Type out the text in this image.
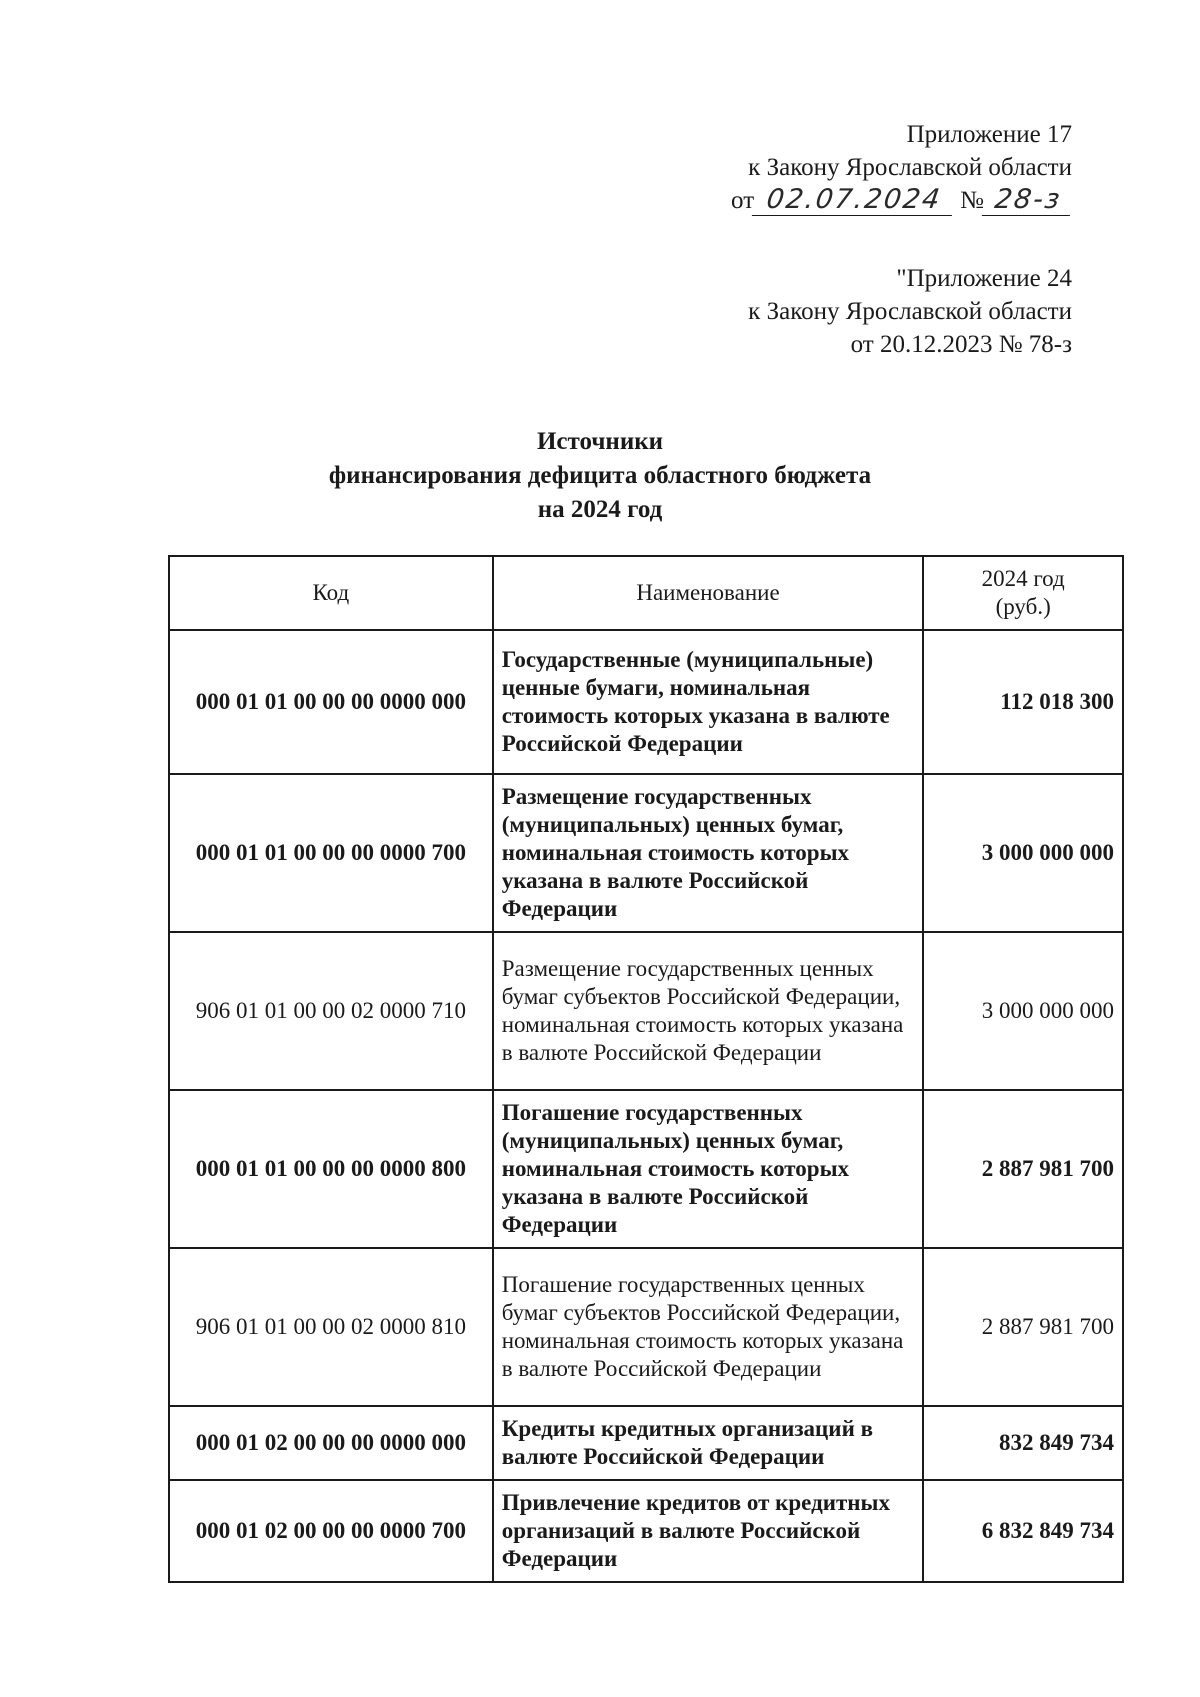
Приложение 17
к Закону Ярославской области
от 02.07.2024 № 28-з
"Приложение 24
к Закону Ярославской области
от 20.12.2023 № 78-з
Источники
финансирования дефицита областного бюджета
на 2024 год
Код	Наименование	2024 год
(руб.)

000 01 01 00 00 00 0000 000	Государственные (муниципальные) ценные бумаги, номинальная стоимость которых указана в валюте Российской Федерации	112 018 300
000 01 01 00 00 00 0000 700	Размещение государственных (муниципальных) ценных бумаг, номинальная стоимость которых указана в валюте Российской Федерации	3 000 000 000
906 01 01 00 00 02 0000 710	Размещение государственных ценных бумаг субъектов Российской Федерации, номинальная стоимость которых указана в валюте Российской Федерации	3 000 000 000
000 01 01 00 00 00 0000 800	Погашение государственных (муниципальных) ценных бумаг, номинальная стоимость которых указана в валюте Российской Федерации	2 887 981 700
906 01 01 00 00 02 0000 810	Погашение государственных ценных бумаг субъектов Российской Федерации, номинальная стоимость которых указана в валюте Российской Федерации	2 887 981 700
000 01 02 00 00 00 0000 000	Кредиты кредитных организаций в валюте Российской Федерации	832 849 734
000 01 02 00 00 00 0000 700	Привлечение кредитов от кредитных организаций в валюте Российской Федерации	6 832 849 734
